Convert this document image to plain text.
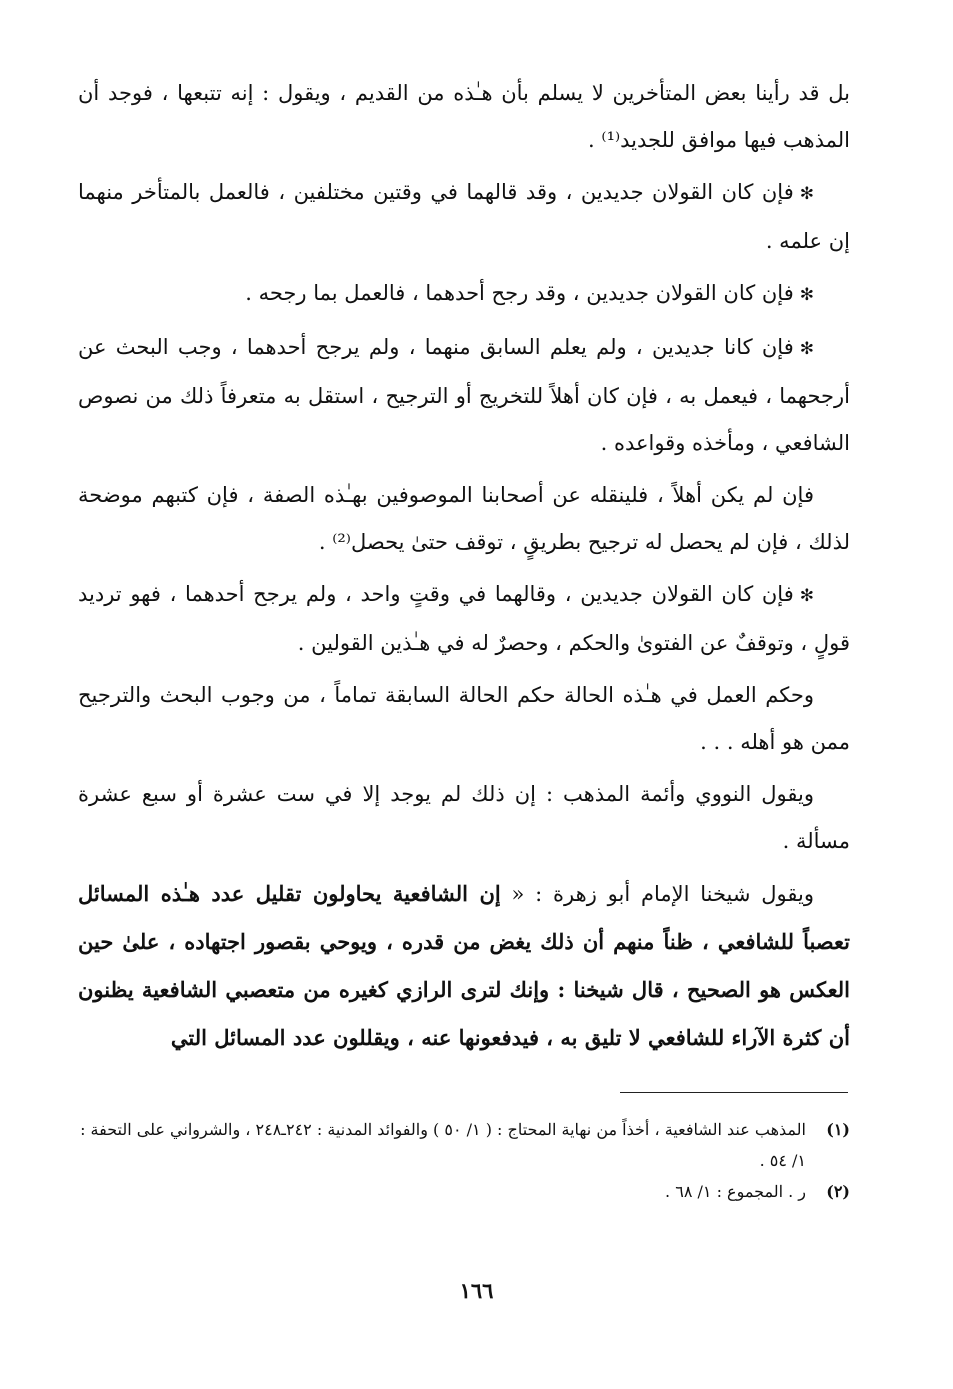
بل قد رأينا بعض المتأخرين لا يسلم بأن هـٰذه من القديم ، ويقول : إنه تتبعها ، فوجد أن المذهب فيها موافق للجديد⁽¹⁾ .

✻فإن كان القولان جديدين ، وقد قالهما في وقتين مختلفين ، فالعمل بالمتأخر منهما إن علمه .

✻فإن كان القولان جديدين ، وقد رجح أحدهما ، فالعمل بما رجحه .

✻فإن كانا جديدين ، ولم يعلم السابق منهما ، ولم يرجح أحدهما ، وجب البحث عن أرجحهما ، فيعمل به ، فإن كان أهلاً للتخريج أو الترجيح ، استقل به متعرفاً ذلك من نصوص الشافعي ، ومأخذه وقواعده .

فإن لم يكن أهلاً ، فلينقله عن أصحابنا الموصوفين بهـٰذه الصفة ، فإن كتبهم موضحة لذلك ، فإن لم يحصل له ترجيح بطريقٍ ، توقف حتىٰ يحصل⁽²⁾ .

✻فإن كان القولان جديدين ، وقالهما في وقتٍ واحد ، ولم يرجح أحدهما ، فهو ترديد قولٍ ، وتوقفٌ عن الفتوىٰ والحكم ، وحصرٌ له في هـٰذين القولين .

وحكم العمل في هـٰذه الحالة حكم الحالة السابقة تماماً ، من وجوب البحث والترجيح ممن هو أهله . . .

ويقول النووي وأئمة المذهب : إن ذلك لم يوجد إلا في ست عشرة أو سبع عشرة مسألة .

ويقول شيخنا الإمام أبو زهرة : « إن الشافعية يحاولون تقليل عدد هـٰذه المسائل تعصباً للشافعي ، ظناً منهم أن ذلك يغض من قدره ، ويوحي بقصور اجتهاده ، علىٰ حين العكس هو الصحيح ، قال شيخنا : وإنك لترى الرازي كغيره من متعصبي الشافعية يظنون أن كثرة الآراء للشافعي لا تليق به ، فيدفعونها عنه ، ويقللون عدد المسائل التي

(١)
المذهب عند الشافعية ، أخذاً من نهاية المحتاج : ( ١/ ٥٠ ) والفوائد المدنية : ٢٤٢ـ٢٤٨ ، والشرواني على التحفة : ١/ ٥٤ .
(٢)
ر . المجموع : ١/ ٦٨ .
١٦٦
